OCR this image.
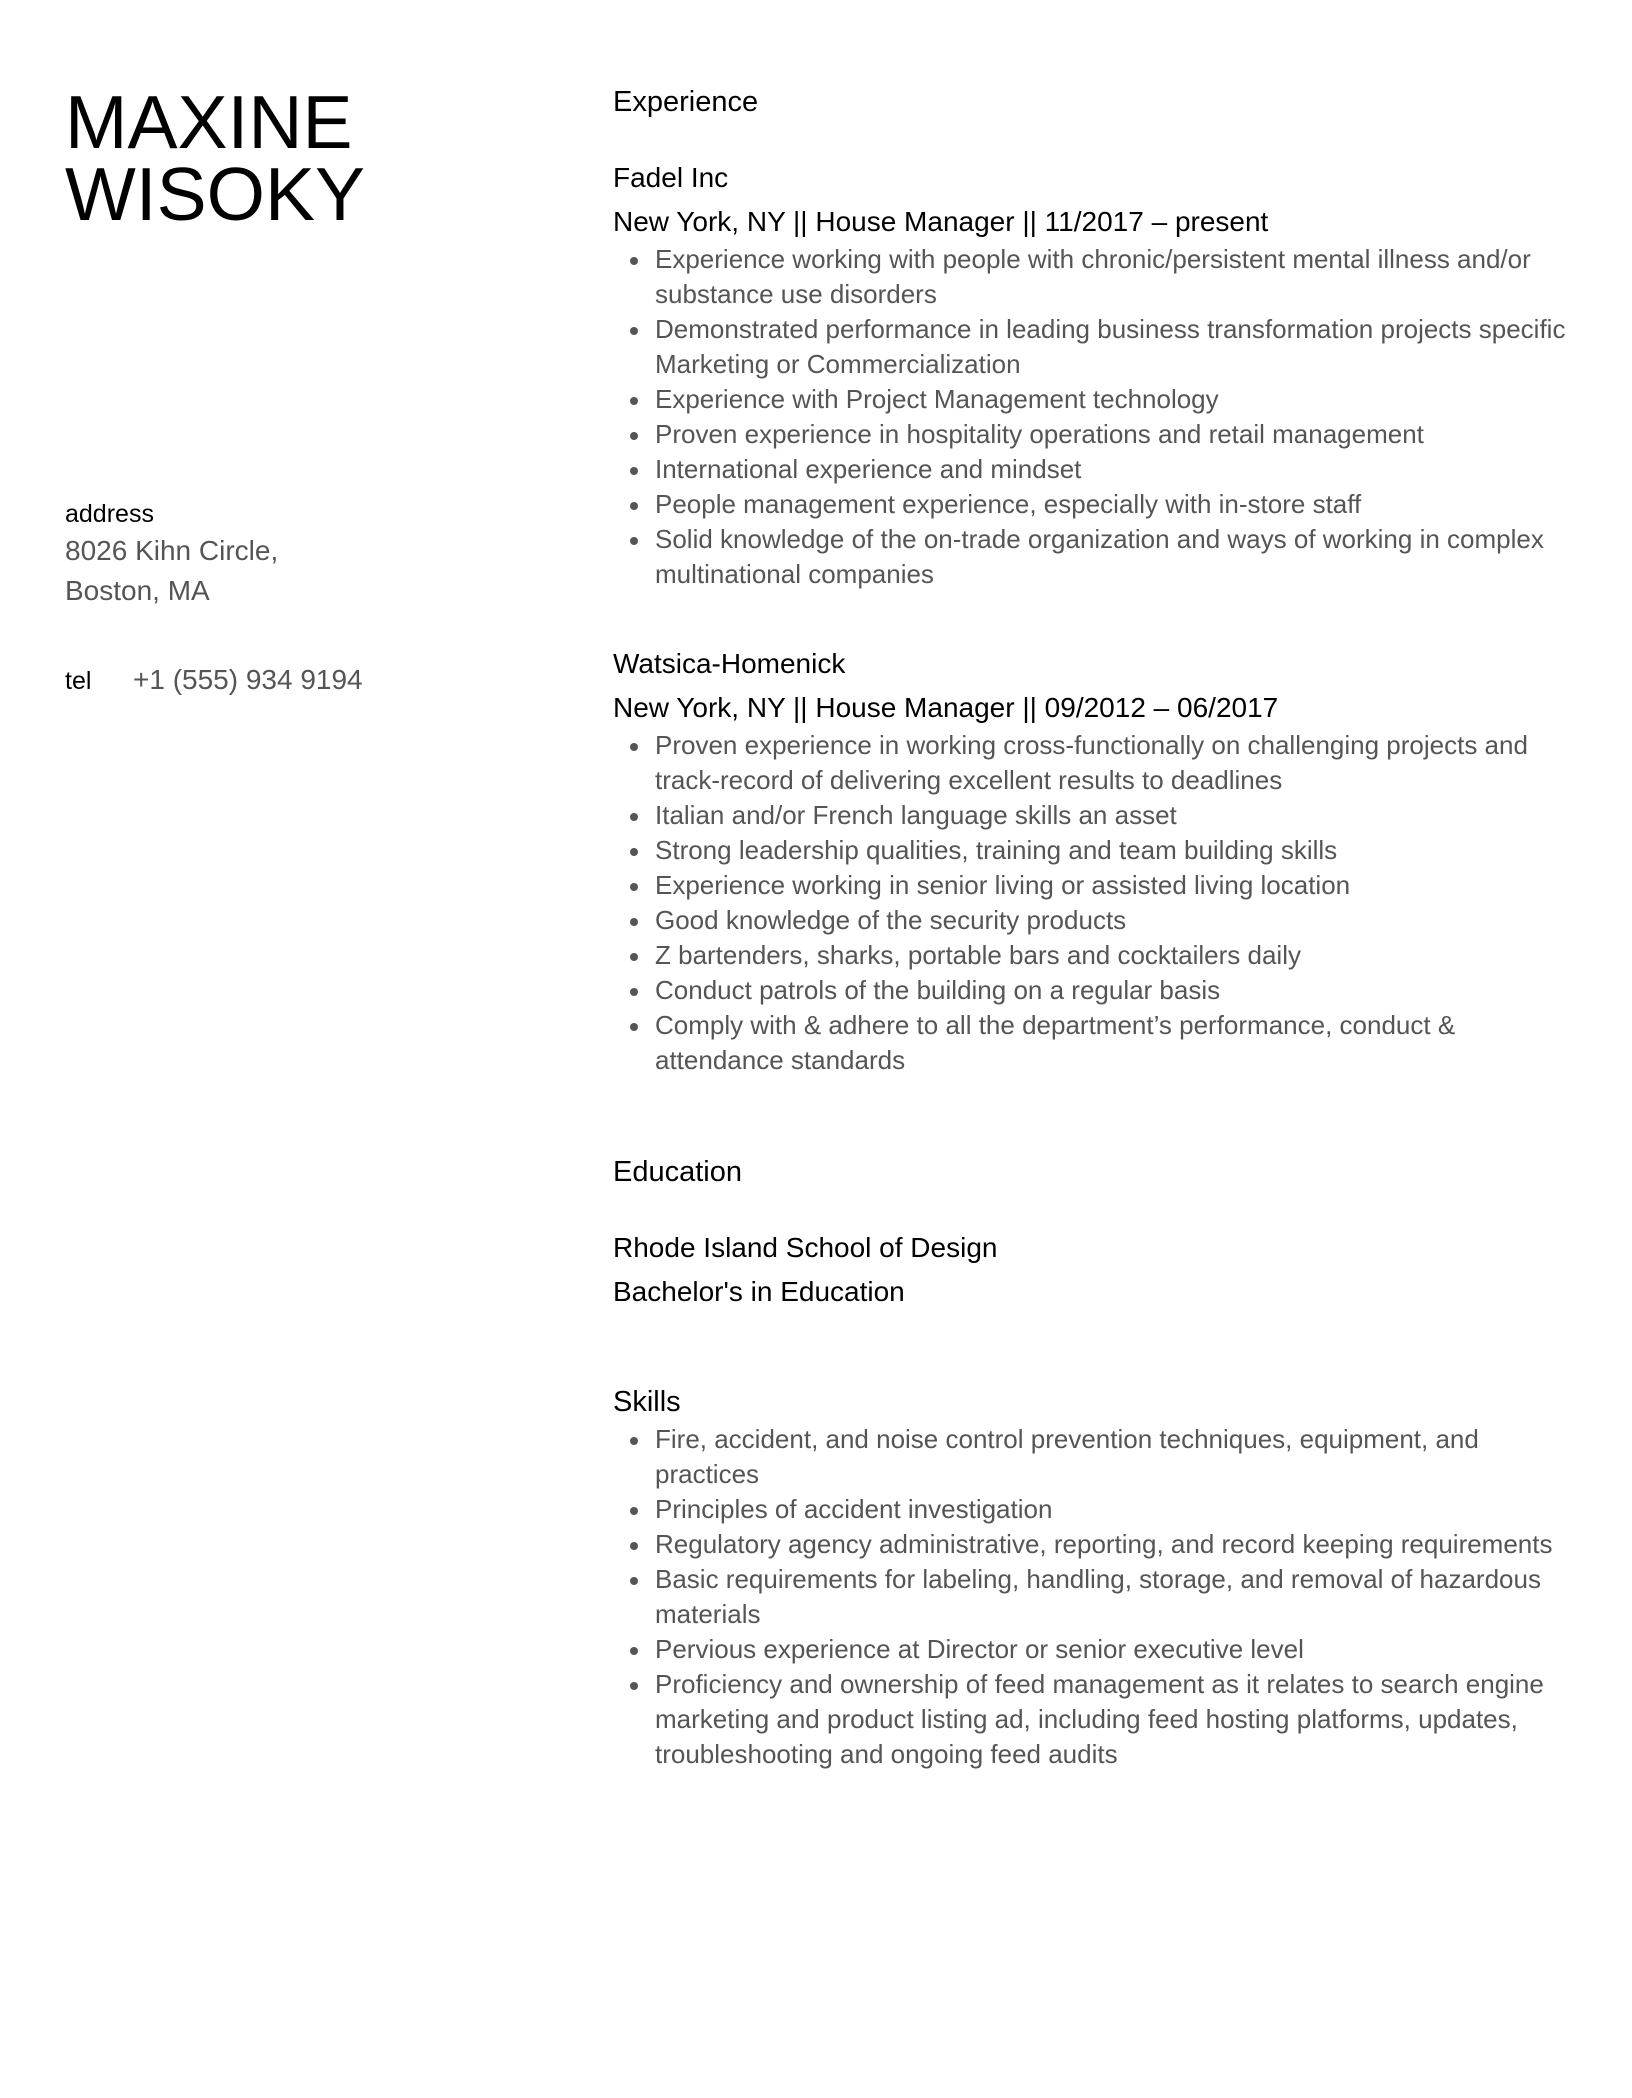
MAXINE
WISOKY
address
8026 Kihn Circle,
Boston, MA
tel	+1 (555) 934 9194
Experience
Fadel Inc
New York, NY || House Manager || 11/2017 – present
Experience working with people with chronic/persistent mental illness and/or substance use disorders
Demonstrated performance in leading business transformation projects specific Marketing or Commercialization
Experience with Project Management technology
Proven experience in hospitality operations and retail management
International experience and mindset
People management experience, especially with in-store staff
Solid knowledge of the on-trade organization and ways of working in complex multinational companies
Watsica-Homenick
New York, NY || House Manager || 09/2012 – 06/2017
Proven experience in working cross-functionally on challenging projects and track-record of delivering excellent results to deadlines
Italian and/or French language skills an asset
Strong leadership qualities, training and team building skills
Experience working in senior living or assisted living location
Good knowledge of the security products
Z bartenders, sharks, portable bars and cocktailers daily
Conduct patrols of the building on a regular basis
Comply with & adhere to all the department’s performance, conduct & attendance standards
Education
Rhode Island School of Design
Bachelor's in Education
Skills
Fire, accident, and noise control prevention techniques, equipment, and practices
Principles of accident investigation
Regulatory agency administrative, reporting, and record keeping requirements
Basic requirements for labeling, handling, storage, and removal of hazardous materials
Pervious experience at Director or senior executive level
Proficiency and ownership of feed management as it relates to search engine marketing and product listing ad, including feed hosting platforms, updates, troubleshooting and ongoing feed audits
